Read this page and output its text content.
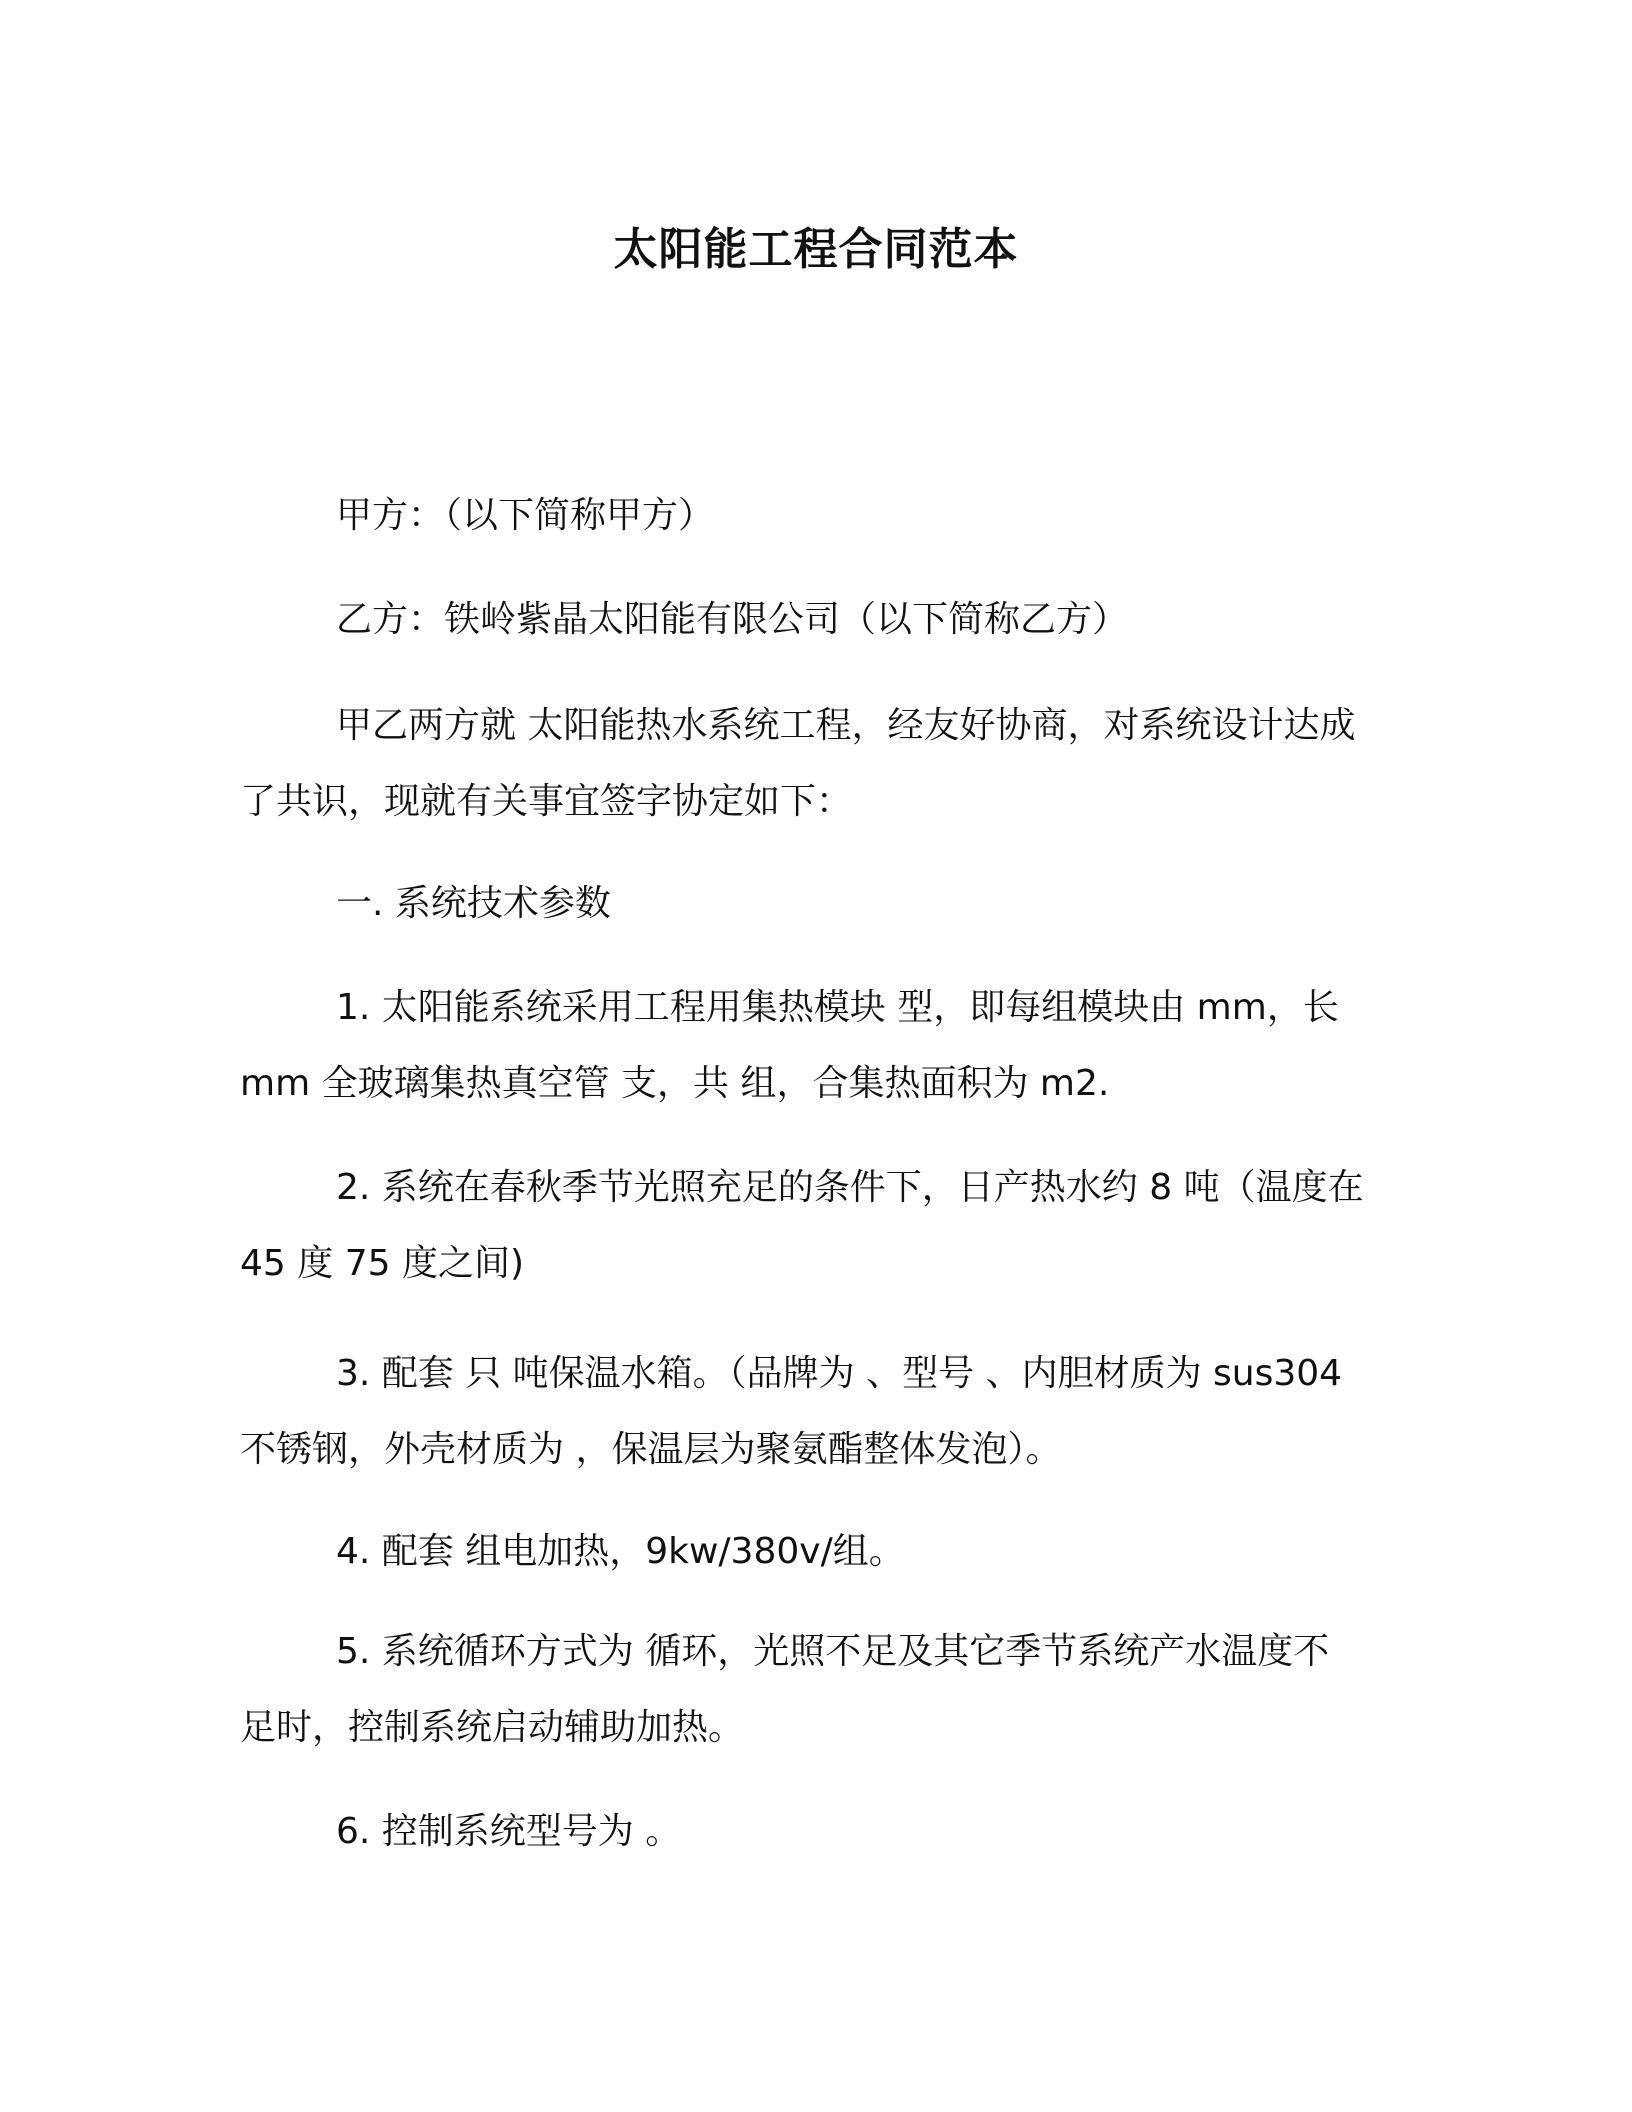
太阳能工程合同范本

甲方：（以下简称甲方）

乙方：铁岭紫晶太阳能有限公司（以下简称乙方）

甲乙两方就 太阳能热水系统工程，经友好协商，对系统设计达成
了共识，现就有关事宜签字协定如下：

一. 系统技术参数

1. 太阳能系统采用工程用集热模块 型，即每组模块由 mm，长
mm 全玻璃集热真空管 支，共 组，合集热面积为 m2.

2. 系统在春秋季节光照充足的条件下，日产热水约 8 吨（温度在
45 度 75 度之间)

3. 配套 只 吨保温水箱。（品牌为 、型号 、内胆材质为 sus304
不锈钢，外壳材质为 ，保温层为聚氨酯整体发泡）。

4. 配套 组电加热，9kw/380v/组。

5. 系统循环方式为 循环，光照不足及其它季节系统产水温度不
足时，控制系统启动辅助加热。

6. 控制系统型号为 。
